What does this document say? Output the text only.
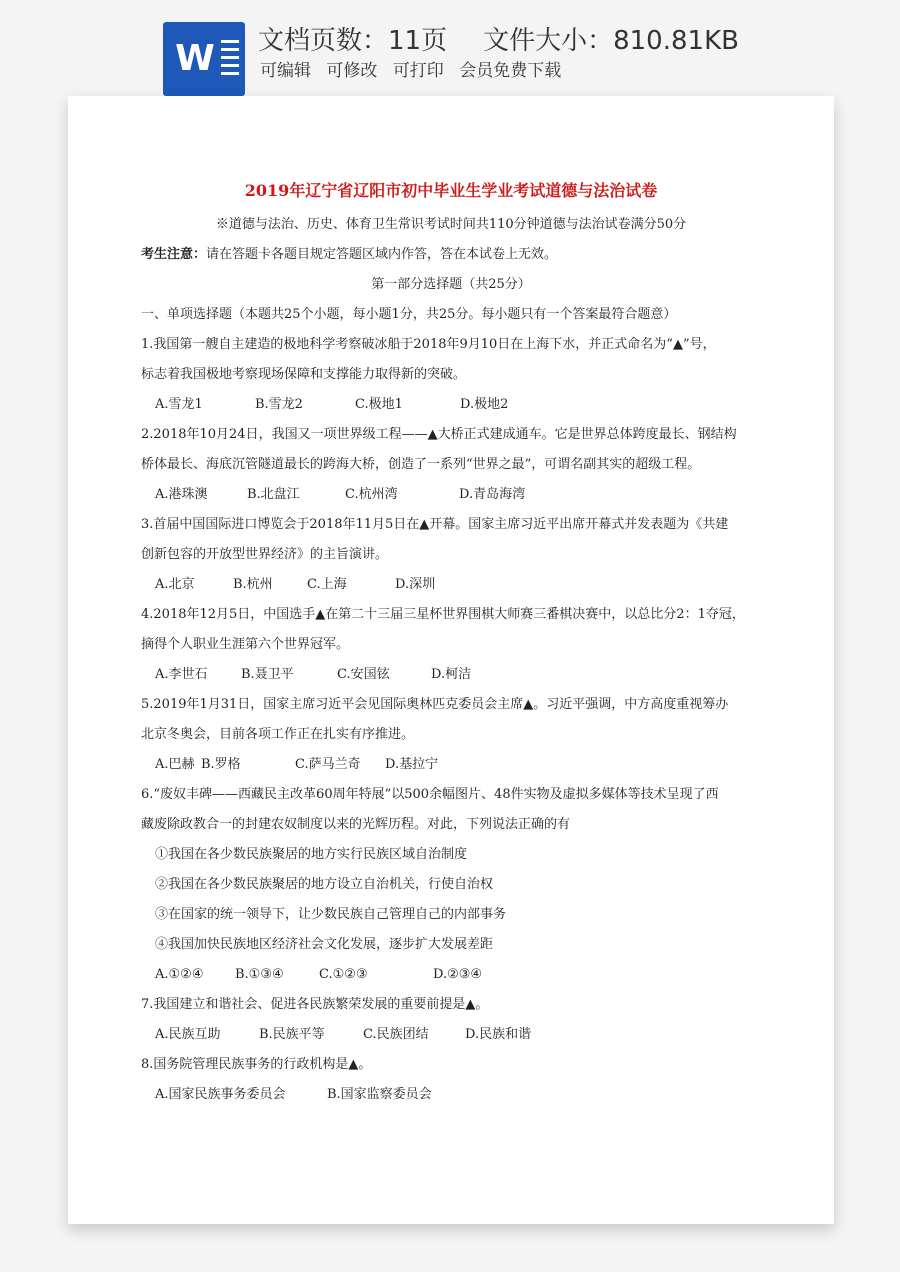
W 文档页数：11页 文件大小：810.81KB
可编辑 可修改 可打印 会员免费下载
2019年辽宁省辽阳市初中毕业生学业考试道德与法治试卷
※道德与法治、历史、体育卫生常识考试时间共110分钟道德与法治试卷满分50分
考生注意：请在答题卡各题目规定答题区域内作答，答在本试卷上无效。
第一部分选择题（共25分）
一、单项选择题（本题共25个小题，每小题1分，共25分。每小题只有一个答案最符合题意）
1.我国第一艘自主建造的极地科学考察破冰船于2018年9月10日在上海下水，并正式命名为“▲”号，
标志着我国极地考察现场保障和支撑能力取得新的突破。
A.雪龙1	B.雪龙2	C.极地1	D.极地2
2.2018年10月24日，我国又一项世界级工程——▲大桥正式建成通车。它是世界总体跨度最长、钢结构
桥体最长、海底沉管隧道最长的跨海大桥，创造了一系列“世界之最”，可谓名副其实的超级工程。
A.港珠澳	B.北盘江	C.杭州湾	D.青岛海湾
3.首届中国国际进口博览会于2018年11月5日在▲开幕。国家主席习近平出席开幕式并发表题为《共建
创新包容的开放型世界经济》的主旨演讲。
A.北京	B.杭州	C.上海	D.深圳
4.2018年12月5日，中国选手▲在第二十三届三星杯世界围棋大师赛三番棋决赛中，以总比分2：1夺冠，
摘得个人职业生涯第六个世界冠军。
A.李世石	B.聂卫平	C.安国铉	D.柯洁
5.2019年1月31日，国家主席习近平会见国际奥林匹克委员会主席▲。习近平强调，中方高度重视筹办
北京冬奥会，目前各项工作正在扎实有序推进。
A.巴赫 B.罗格	C.萨马兰奇 D.基拉宁
6.“废奴丰碑——西藏民主改革60周年特展”以500余幅图片、48件实物及虚拟多媒体等技术呈现了西
藏废除政教合一的封建农奴制度以来的光辉历程。对此，下列说法正确的有
①我国在各少数民族聚居的地方实行民族区域自治制度
②我国在各少数民族聚居的地方设立自治机关，行使自治权
③在国家的统一领导下，让少数民族自己管理自己的内部事务
④我国加快民族地区经济社会文化发展，逐步扩大发展差距
A.①②④ B.①③④	C.①②③	D.②③④
7.我国建立和谐社会、促进各民族繁荣发展的重要前提是▲。
A.民族互助	B.民族平等	C.民族团结	D.民族和谐
8.国务院管理民族事务的行政机构是▲。
A.国家民族事务委员会	B.国家监察委员会
